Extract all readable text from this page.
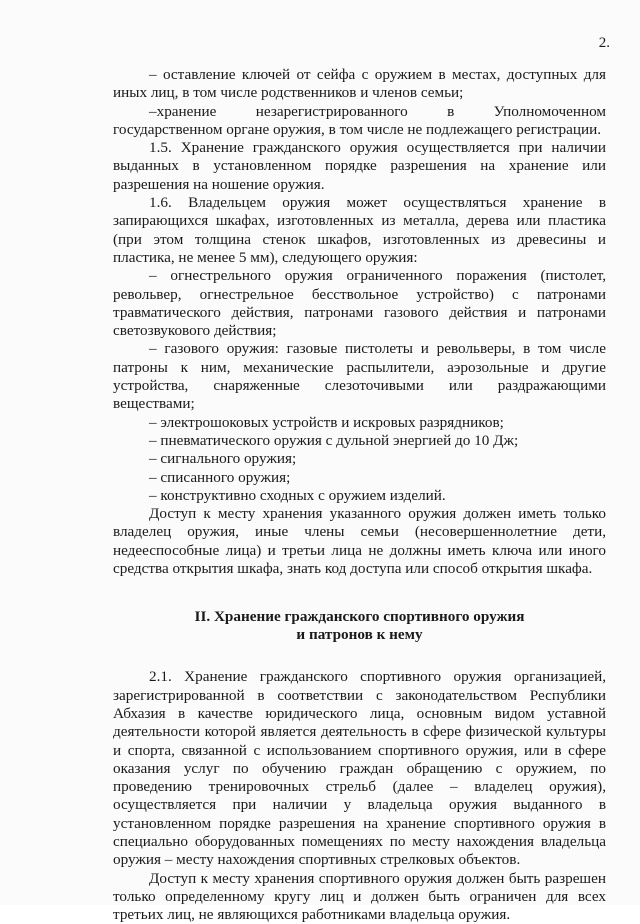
2.

– оставление ключей от сейфа с оружием в местах, доступных для иных лиц, в том числе родственников и членов семьи;

–хранение незарегистрированного в Уполномоченном государственном органе оружия, в том числе не подлежащего регистрации.

1.5. Хранение гражданского оружия осуществляется при наличии выданных в установленном порядке разрешения на хранение или разрешения на ношение оружия.

1.6. Владельцем оружия может осуществляться хранение в запирающихся шкафах, изготовленных из металла, дерева или пластика (при этом толщина стенок шкафов, изготовленных из древесины и пластика, не менее 5 мм), следующего оружия:

– огнестрельного оружия ограниченного поражения (пистолет, револьвер, огнестрельное бесствольное устройство) с патронами травматического действия, патронами газового действия и патронами светозвукового действия;

– газового оружия: газовые пистолеты и револьверы, в том числе патроны к ним, механические распылители, аэрозольные и другие устройства, снаряженные слезоточивыми или раздражающими веществами;

– электрошоковых устройств и искровых разрядников;

– пневматического оружия с дульной энергией до 10 Дж;

– сигнального оружия;

– списанного оружия;

– конструктивно сходных с оружием изделий.

Доступ к месту хранения указанного оружия должен иметь только владелец оружия, иные члены семьи (несовершеннолетние дети, недееспособные лица) и третьи лица не должны иметь ключа или иного средства открытия шкафа, знать код доступа или способ открытия шкафа.

II. Хранение гражданского спортивного оружия
и патронов к нему

2.1. Хранение гражданского спортивного оружия организацией, зарегистрированной в соответствии с законодательством Республики Абхазия в качестве юридического лица, основным видом уставной деятельности которой является деятельность в сфере физической культуры и спорта, связанной с использованием спортивного оружия, или в сфере оказания услуг по обучению граждан обращению с оружием, по проведению тренировочных стрельб (далее – владелец оружия), осуществляется при наличии у владельца оружия выданного в установленном порядке разрешения на хранение спортивного оружия в специально оборудованных помещениях по месту нахождения владельца оружия – месту нахождения спортивных стрелковых объектов.

Доступ к месту хранения спортивного оружия должен быть разрешен только определенному кругу лиц и должен быть ограничен для всех третьих лиц, не являющихся работниками владельца оружия.
